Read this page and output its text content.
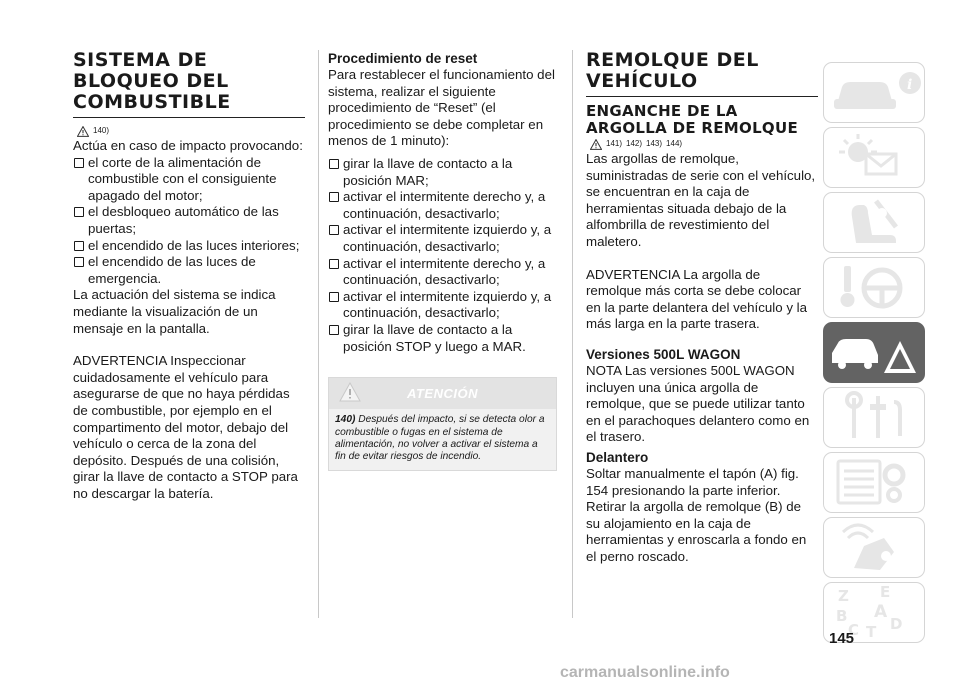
SISTEMA DE
BLOQUEO DEL
COMBUSTIBLE
140)

Actúa en caso de impacto provocando:

el corte de la alimentación de combustible con el consiguiente apagado del motor;
el desbloqueo automático de las puertas;
el encendido de las luces interiores;
el encendido de las luces de emergencia.

La actuación del sistema se indica mediante la visualización de un mensaje en la pantalla.

ADVERTENCIA Inspeccionar cuidadosamente el vehículo para asegurarse de que no haya pérdidas de combustible, por ejemplo en el compartimento del motor, debajo del vehículo o cerca de la zona del depósito. Después de una colisión, girar la llave de contacto a STOP para no descargar la batería.

Procedimiento de reset

Para restablecer el funcionamiento del sistema, realizar el siguiente procedimiento de “Reset” (el procedimiento se debe completar en menos de 1 minuto):

girar la llave de contacto a la posición MAR;
activar el intermitente derecho y, a continuación, desactivarlo;
activar el intermitente izquierdo y, a continuación, desactivarlo;
activar el intermitente derecho y, a continuación, desactivarlo;
activar el intermitente izquierdo y, a continuación, desactivarlo;
girar la llave de contacto a la posición STOP y luego a MAR.
ATENCIÓN
140) Después del impacto, si se detecta olor a combustible o fugas en el sistema de alimentación, no volver a activar el sistema a fin de evitar riesgos de incendio.
REMOLQUE DEL
VEHÍCULO
ENGANCHE DE LA
ARGOLLA DE REMOLQUE
141) 142) 143) 144)

Las argollas de remolque, suministradas de serie con el vehículo, se encuentran en la caja de herramientas situada debajo de la alfombrilla de revestimiento del maletero.

ADVERTENCIA La argolla de remolque más corta se debe colocar en la parte delantera del vehículo y la más larga en la parte trasera.

Versiones 500L WAGON

NOTA Las versiones 500L WAGON incluyen una única argolla de remolque, que se puede utilizar tanto en el parachoques delantero como en el trasero.

Delantero

Soltar manualmente el tapón (A) fig. 154 presionando la parte inferior. Retirar la argolla de remolque (B) de su alojamiento en la caja de herramientas y enroscarla a fondo en el perno roscado.

i
Z E
B A
C D
T
145
carmanualsonline.info
